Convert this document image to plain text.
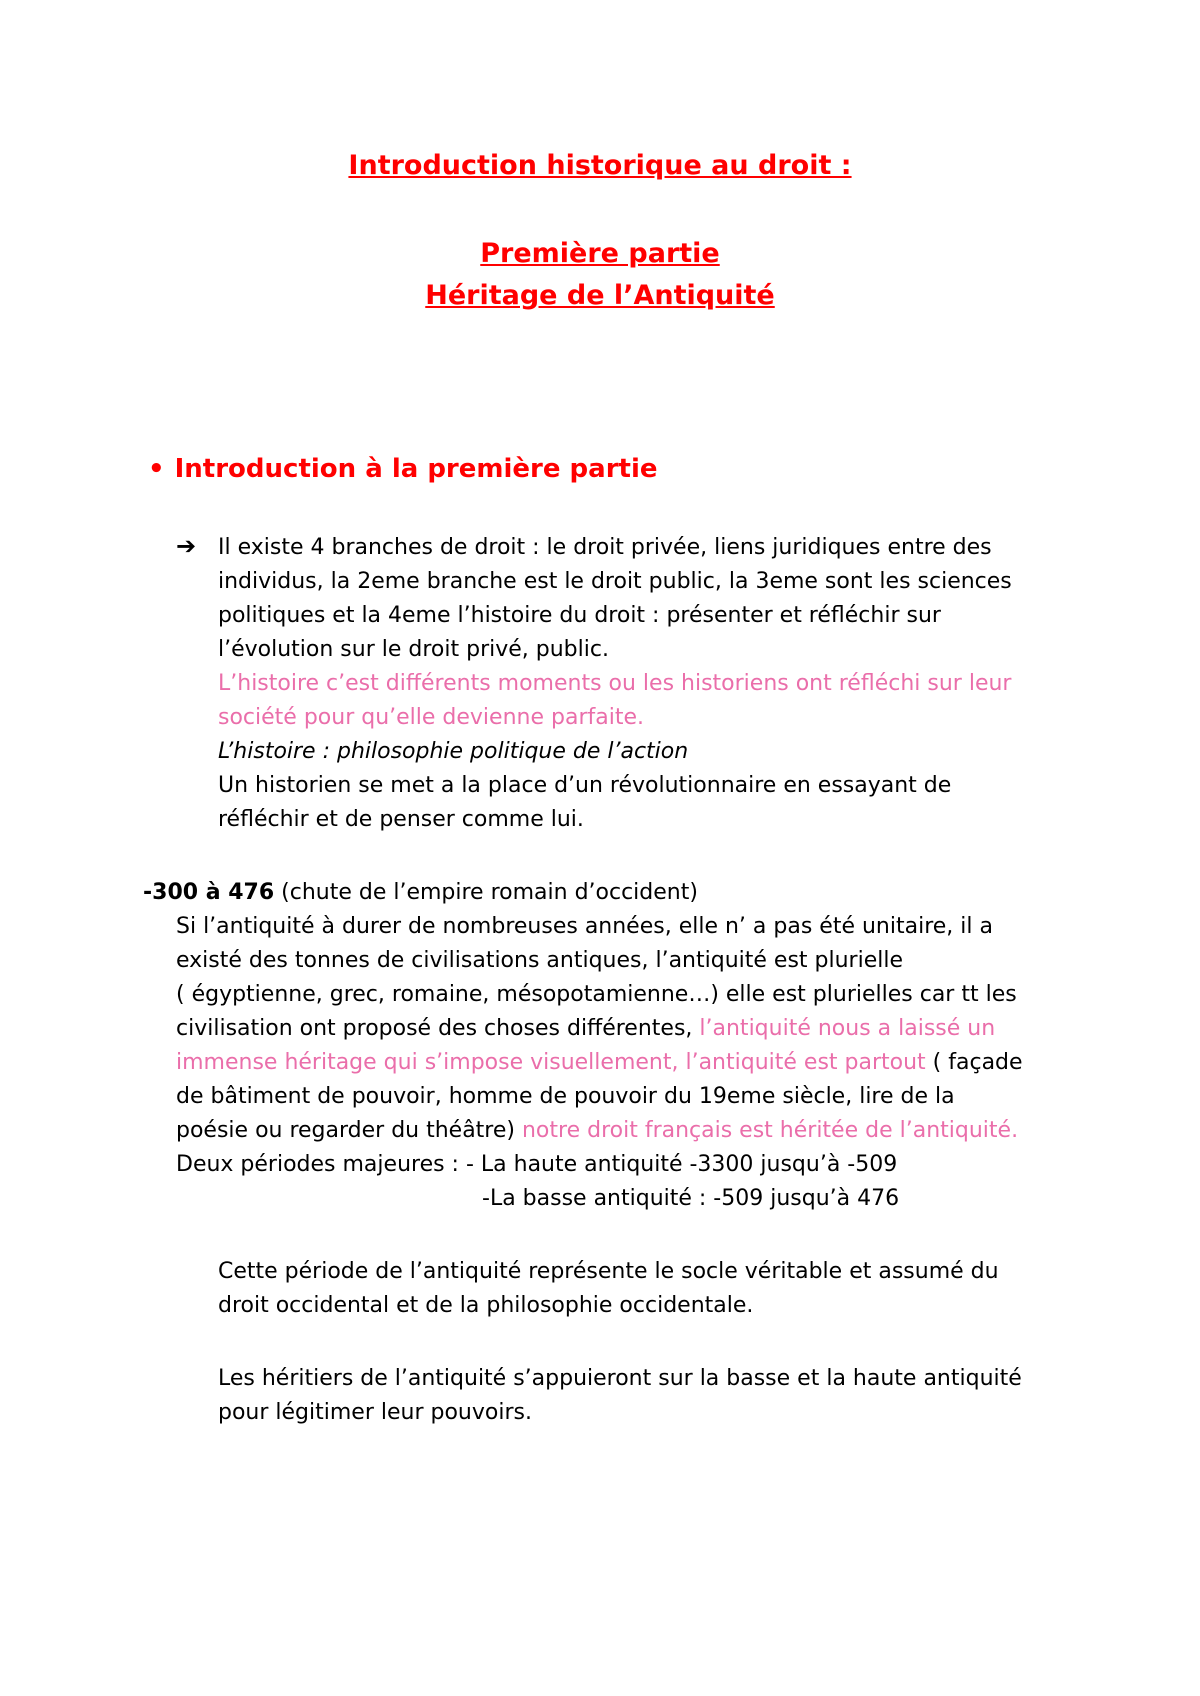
Introduction historique au droit :
Première partie
Héritage de l’Antiquité
• Introduction à la première partie
➔ Il existe 4 branches de droit : le droit privée, liens juridiques entre des
individus, la 2eme branche est le droit public, la 3eme sont les sciences
politiques et la 4eme l’histoire du droit : présenter et réfléchir sur
l’évolution sur le droit privé, public.
L’histoire c’est différents moments ou les historiens ont réfléchi sur leur
société pour qu’elle devienne parfaite.
L’histoire : philosophie politique de l’action
Un historien se met a la place d’un révolutionnaire en essayant de
réfléchir et de penser comme lui.
-300 à 476 (chute de l’empire romain d’occident)
Si l’antiquité à durer de nombreuses années, elle n’ a pas été unitaire, il a
existé des tonnes de civilisations antiques, l’antiquité est plurielle
( égyptienne, grec, romaine, mésopotamienne…) elle est plurielles car tt les
civilisation ont proposé des choses différentes, l’antiquité nous a laissé un
immense héritage qui s’impose visuellement, l’antiquité est partout ( façade
de bâtiment de pouvoir, homme de pouvoir du 19eme siècle, lire de la
poésie ou regarder du théâtre) notre droit français est héritée de l’antiquité.
Deux périodes majeures : - La haute antiquité -3300 jusqu’à -509
-La basse antiquité : -509 jusqu’à 476
Cette période de l’antiquité représente le socle véritable et assumé du
droit occidental et de la philosophie occidentale.
Les héritiers de l’antiquité s’appuieront sur la basse et la haute antiquité
pour légitimer leur pouvoirs.
